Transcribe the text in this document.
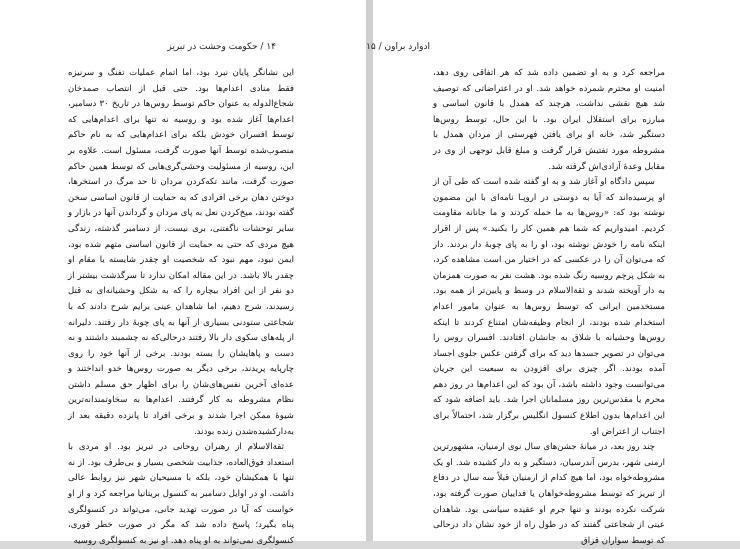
۱۴ / حکومت وحشت در تبریز

این نشانگر پایان نبرد بود، اما اتمام عملیات تفنگ و سرنیزه فقط منادی اعدام‌ها بود. حتی قبل از انتصاب صمدخان شجاع‌الدوله به عنوان حاکم توسط روس‌ها در تاریخ ۳۰ دسامبر، اعدام‌ها آغاز شده بود و روسیه نه تنها برای اعدام‌هایی که توسط افسران خودش بلکه برای اعدام‌هایی که به نام حاکم منصوب‌شده توسط آنها صورت گرفت، مسئول است. علاوه بر این، روسیه از مسئولیت وحشی‌گری‌هایی که توسط همین حاکم صورت گرفت، مانند تکه‌کردن مردان تا حد مرگ در استخرها، دوختن دهان برخی افرادی که به حمایت از قانون اساسی سخن گفته بودند، میخ‌کردن نعل به پای مردان و گرداندن آنها در بازار و سایر توحشات ناگفتنی، بری نیست. از دسامبر گذشته، زندگی هیچ مردی که حتی به حمایت از قانون اساسی متهم شده بود، ایمن نبود، مهم نبود که شخصیت او چقدر شایسته یا مقام او چقدر بالا باشد. در این مقاله امکان ندارد تا سرگذشت بیشتر از دو نفر از این افراد بیچاره را که به شکل وحشیانه‌ای به قتل رسیدند، شرح دهیم، اما شاهدان عینی برایم شرح دادند که با شجاعتی ستودنی بسیاری از آنها به پای چوبهٔ دار رفتند. دلیرانه از پله‌های سکوی دار بالا رفتند درحالی‌که نه چشمبند داشتند و نه دست و پاهایشان را بسته بودند. برخی از آنها خود را روی چارپایه پریدند، برخی دیگر به صورت روس‌ها خدو انداختند و عده‌ای آخرین نفس‌های‌شان را برای اظهار حق مسلم داشتن نظام مشروطه به کار گرفتند. اعدام‌ها به سخاوتمندانه‌ترین شیوهٔ ممکن اجرا شدند و برخی افراد تا پانزده دقیقه بعد از به‌دارکشیده‌شدن زنده بودند.

ثقةالاسلام از رهبران روحانی در تبریز بود. او مردی با استعداد فوق‌العاده، جذابیت شخصی بسیار و بی‌طرف بود. از نه تنها با همکیشان خود، بلکه با مسیحیان شهر نیز روابط عالی داشت. او در اوایل دسامبر به کنسول بریتانیا مراجعه کرد و از او خواست که آیا در صورت تهدید جانی، می‌تواند در کنسولگری پناه بگیرد؛ پاسخ داده شد که مگر در صورت خطر فوری، کنسولگری نمی‌تواند به او پناه دهد. او نیز به کنسولگری روسیه

ادوارد براون / ۱۵

مراجعه کرد و به او تضمین داده شد که هر اتفاقی روی دهد، امنیت او محترم شمرده خواهد شد. او در اعتراضاتی که توصیف شد هیچ نقشی نداشت، هرچند که همدل با قانون اساسی و مبارزه برای استقلال ایران بود. با این حال، توسط روس‌ها دستگیر شد، خانه او برای یافتن فهرستی از مردان همدل با مشروطه مورد تفتیش قرار گرفت و مبلغ قابل توجهی از وی در مقابل وعدهٔ آزادی‌اش گرفته شد.

سپس دادگاه او آغاز شد و به او گفته شده است که طی آن از او پرسیده‌اند که آیا به دوستی در اروپـا نامه‌ای با این مضمون نوشته بود که: «روس‌ها به ما حمله کردند و ما جانانه مقاومت کردیم. امیدواریم که شما هم همین کار را بکنید.» پس از اقرار اینکه نامه را خودش نوشته بود، او را به پای چوبهٔ دار بردند. دار که می‌توان آن را در عکسی که در اختیار من است مشاهده کرد، به شکل پرچم روسیه رنگ شده بود. هشت نفر به صورت همزمان به دار آویخته شدند و ثقةالاسلام در وسط و پایین‌تر از همه بود. مستخدمین ایرانی که توسط روس‌ها به عنوان مامور اعدام استخدام شده بودند، از انجام وظیفه‌شان امتناع کردند تا اینکه روس‌ها وحشیانه با شلاق به جانشان افتادند. افسران روس را می‌توان در تصویر جسدها دید که برای گرفتن عکس جلوی اجساد آمده بودند. اگر چیزی برای افزودن به سبعیت این جریان می‌توانست وجود داشته باشد، آن بود که این اعدام‌ها در روز دهم محرم یا مقدس‌ترین روز مسلمانان اجرا شد. باید اضافه شود که این اعدام‌ها بدون اطلاع کنسول انگلیس برگزار شد، احتمالاً برای اجتناب از اعتراض او.

چند روز بعد، در میانهٔ جشن‌های سال نوی ارمنیان، مشهورترین ارمنی شهر، بدرس آندرسیان، دستگیر و به دار کشیده شد. او یک مشروطه‌خواه بود، اما هیچ کدام از ارمنیان قبلاً سه سال در دفاع از تبریز که توسط مشروطه‌خواهان یا فداییان صورت گرفته بود، شرکت نکرده بودند و تنها جرم او عقیده سیاسی بود. شاهدان عینی از شجاعتی گفتند که در طول راه از خود نشان داد درحالی که توسط سواران قزاق
